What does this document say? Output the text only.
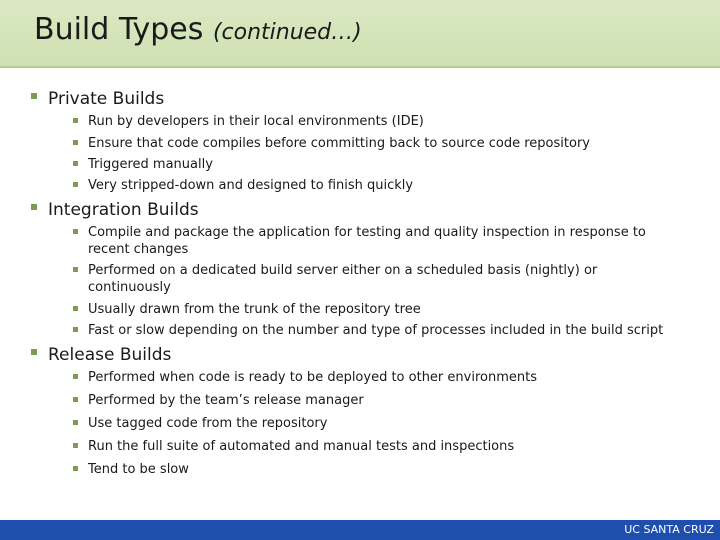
Build Types (continued…)
Private Builds
Run by developers in their local environments (IDE)
Ensure that code compiles before committing back to source code repository
Triggered manually
Very stripped-down and designed to finish quickly
Integration Builds
Compile and package the application for testing and quality inspection in response to
recent changes
Performed on a dedicated build server either on a scheduled basis (nightly) or
continuously
Usually drawn from the trunk of the repository tree
Fast or slow depending on the number and type of processes included in the build script
Release Builds
Performed when code is ready to be deployed to other environments
Performed by the team’s release manager
Use tagged code from the repository
Run the full suite of automated and manual tests and inspections
Tend to be slow
UC SANTA CRUZ
